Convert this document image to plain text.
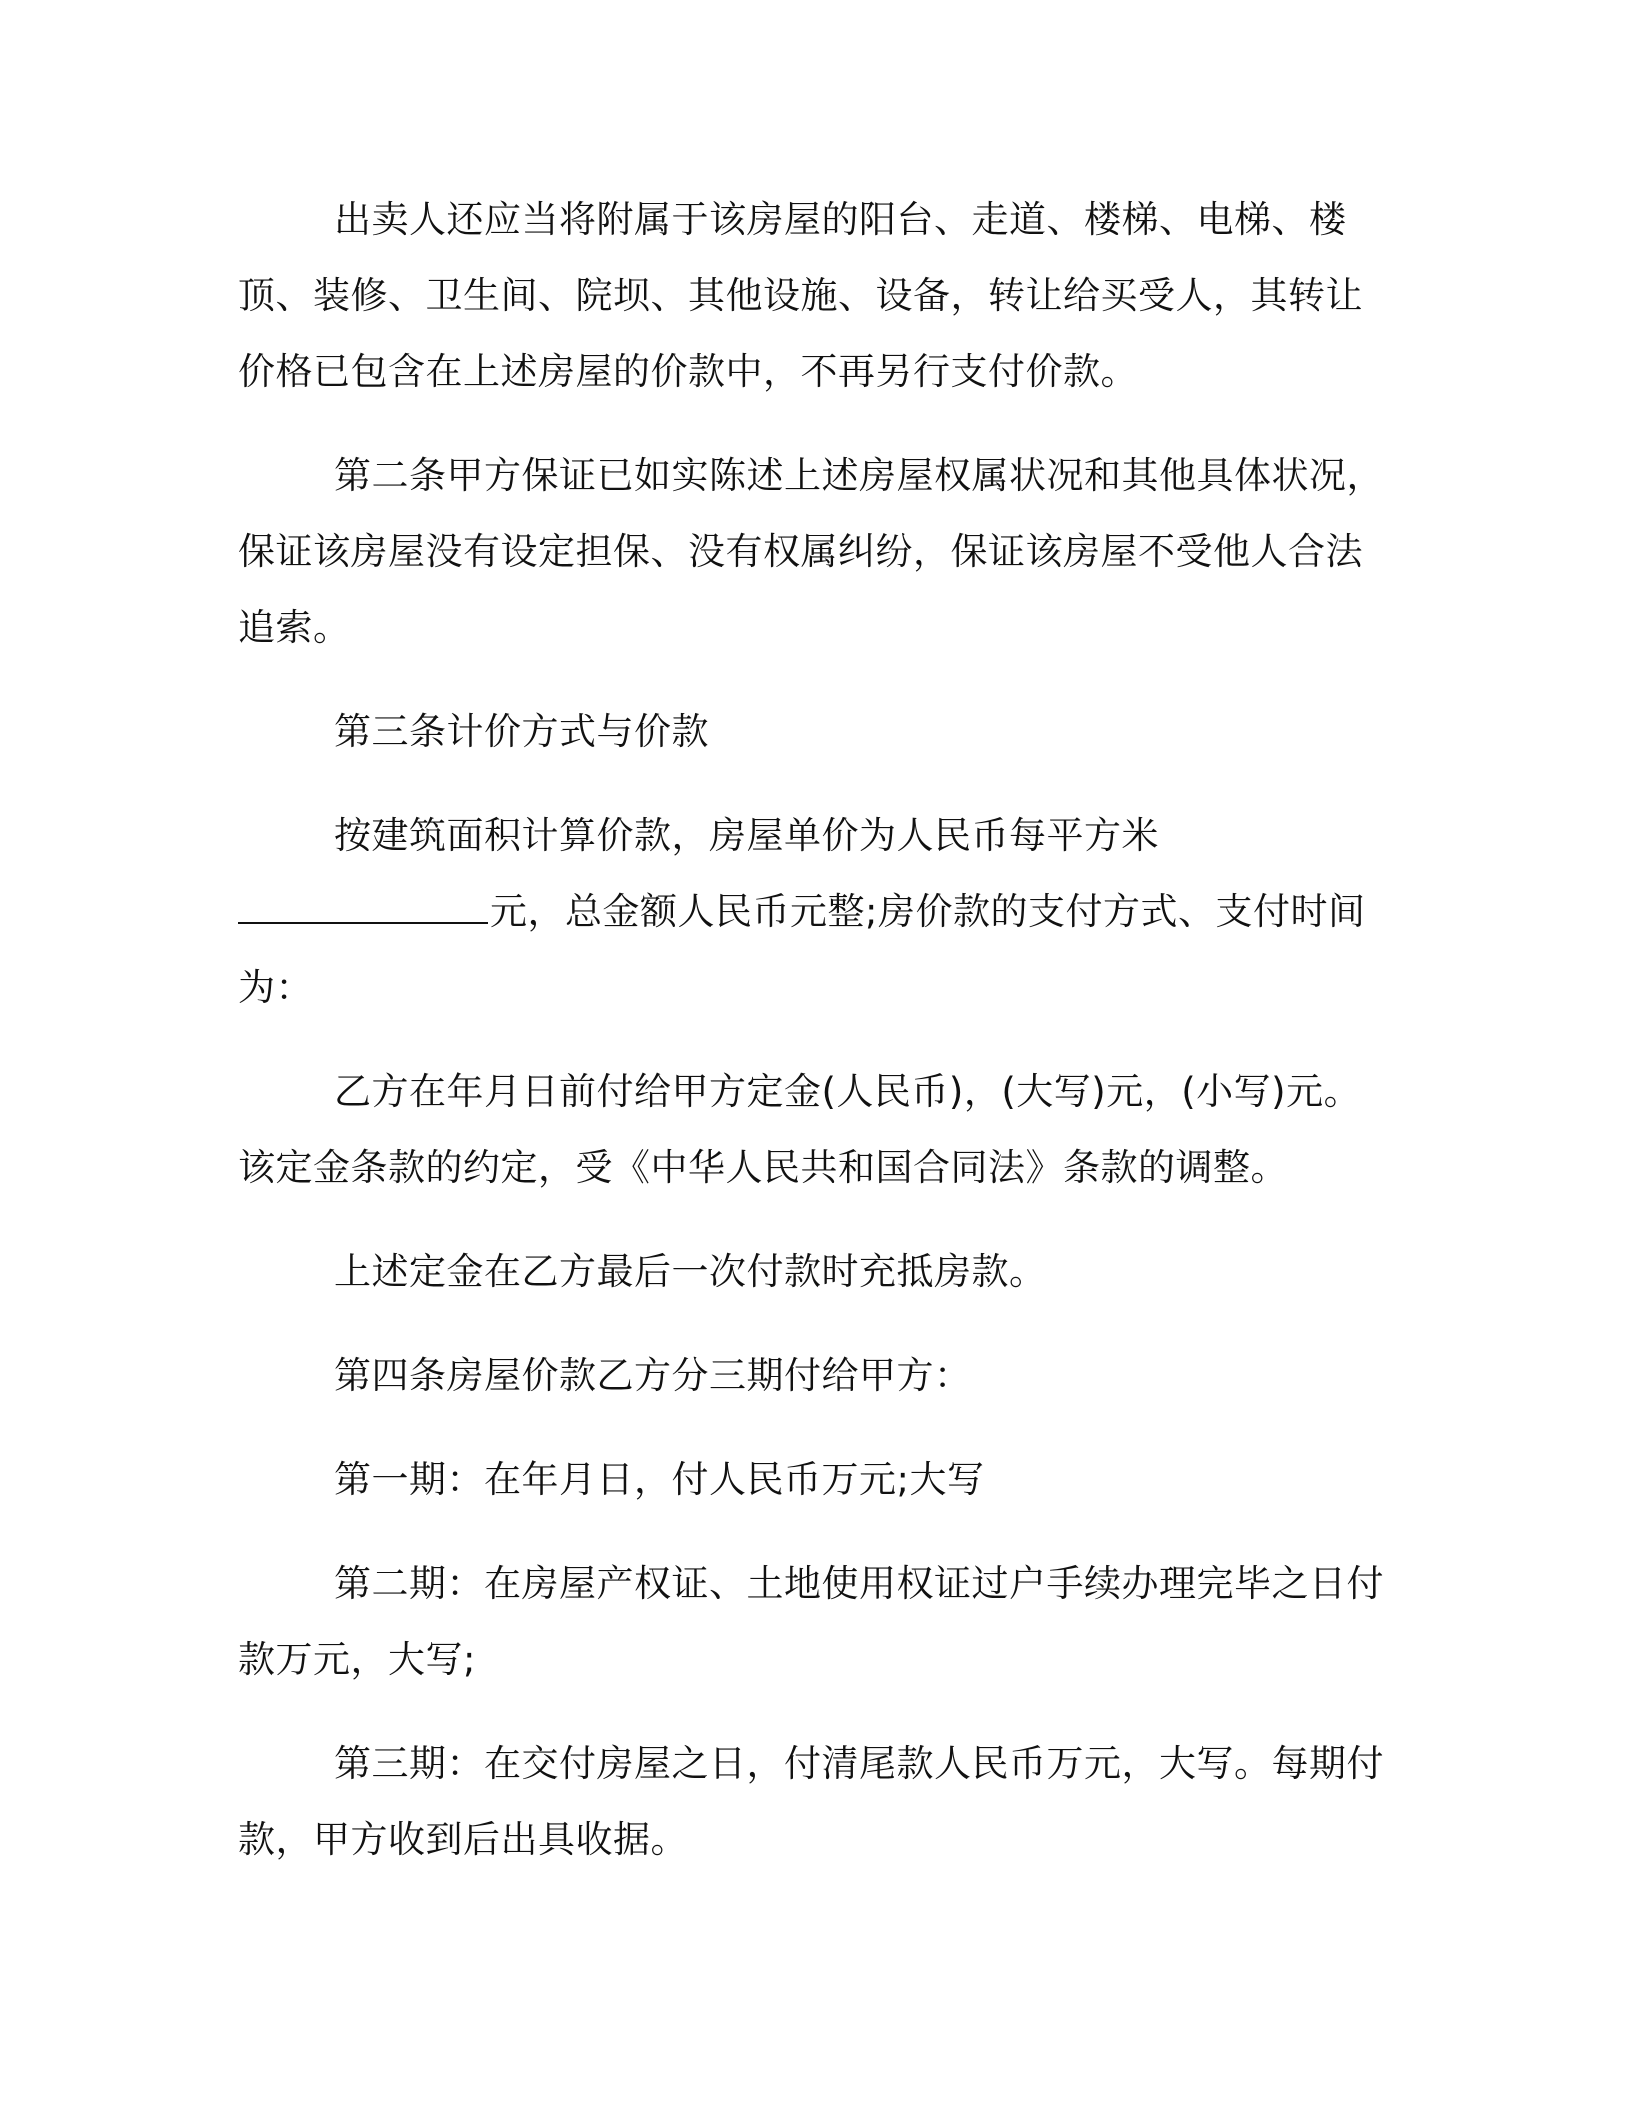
出卖人还应当将附属于该房屋的阳台、走道、楼梯、电梯、楼顶、装修、卫生间、院坝、其他设施、设备，转让给买受人，其转让价格已包含在上述房屋的价款中，不再另行支付价款。

第二条甲方保证已如实陈述上述房屋权属状况和其他具体状况，保证该房屋没有设定担保、没有权属纠纷，保证该房屋不受他人合法追索。

第三条计价方式与价款

按建筑面积计算价款，房屋单价为人民币每平方米

元，总金额人民币元整;房价款的支付方式、支付时间为：

乙方在年月日前付给甲方定金(人民币)，(大写)元，(小写)元。该定金条款的约定，受《中华人民共和国合同法》条款的调整。

上述定金在乙方最后一次付款时充抵房款。

第四条房屋价款乙方分三期付给甲方：

第一期：在年月日，付人民币万元;大写

第二期：在房屋产权证、土地使用权证过户手续办理完毕之日付款万元，大写;

第三期：在交付房屋之日，付清尾款人民币万元，大写。每期付款，甲方收到后出具收据。
